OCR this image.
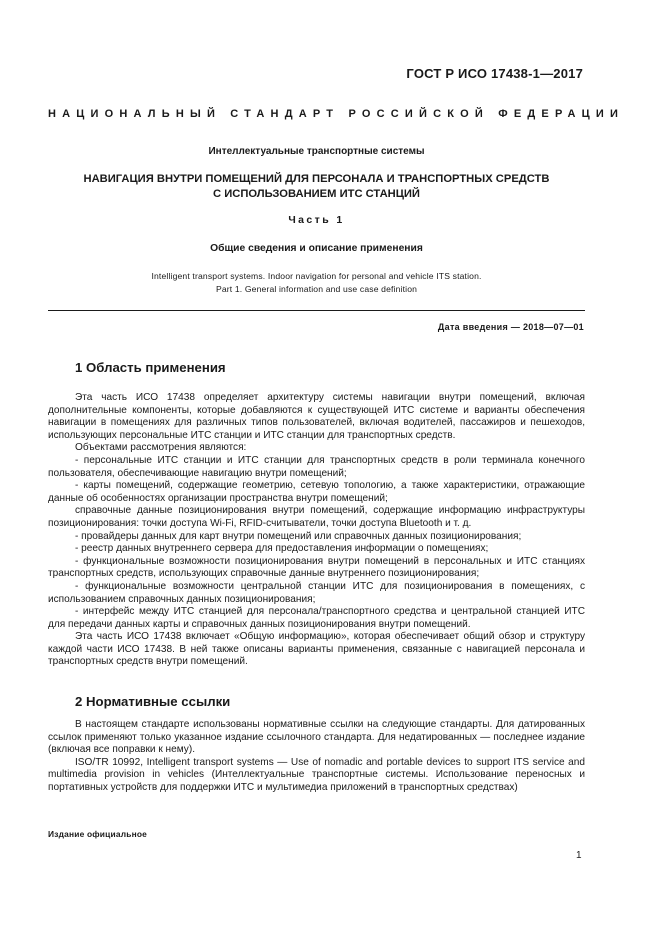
ГОСТ Р ИСО 17438-1—2017
НАЦИОНАЛЬНЫЙ СТАНДАРТ РОССИЙСКОЙ ФЕДЕРАЦИИ
Интеллектуальные транспортные системы
НАВИГАЦИЯ ВНУТРИ ПОМЕЩЕНИЙ ДЛЯ ПЕРСОНАЛА И ТРАНСПОРТНЫХ СРЕДСТВ
С ИСПОЛЬЗОВАНИЕМ ИТС СТАНЦИЙ
Часть 1
Общие сведения и описание применения
Intelligent transport systems. Indoor navigation for personal and vehicle ITS station.
Part 1. General information and use case definition
Дата введения — 2018—07—01
1 Область применения

Эта часть ИСО 17438 определяет архитектуру системы навигации внутри помещений, включая дополнительные компоненты, которые добавляются к существующей ИТС системе и варианты обеспечения навигации в помещениях для различных типов пользователей, включая водителей, пассажиров и пешеходов, использующих персональные ИТС станции и ИТС станции для транспортных средств.

Объектами рассмотрения являются:

- персональные ИТС станции и ИТС станции для транспортных средств в роли терминала конечного пользователя, обеспечивающие навигацию внутри помещений;

- карты помещений, содержащие геометрию, сетевую топологию, а также характеристики, отражающие данные об особенностях организации пространства внутри помещений;

справочные данные позиционирования внутри помещений, содержащие информацию инфраструктуры позиционирования: точки доступа Wi-Fi, RFID-считыватели, точки доступа Bluetooth и т. д.

- провайдеры данных для карт внутри помещений или справочных данных позиционирования;

- реестр данных внутреннего сервера для предоставления информации о помещениях;

- функциональные возможности позиционирования внутри помещений в персональных и ИТС станциях транспортных средств, использующих справочные данные внутреннего позиционирования;

- функциональные возможности центральной станции ИТС для позиционирования в помещениях, с использованием справочных данных позиционирования;

- интерфейс между ИТС станцией для персонала/транспортного средства и центральной станцией ИТС для передачи данных карты и справочных данных позиционирования внутри помещений.

Эта часть ИСО 17438 включает «Общую информацию», которая обеспечивает общий обзор и структуру каждой части ИСО 17438. В ней также описаны варианты применения, связанные с навигацией персонала и транспортных средств внутри помещений.

2 Нормативные ссылки

В настоящем стандарте использованы нормативные ссылки на следующие стандарты. Для датированных ссылок применяют только указанное издание ссылочного стандарта. Для недатированных — последнее издание (включая все поправки к нему).

ISO/TR 10992, Intelligent transport systems — Use of nomadic and portable devices to support ITS service and multimedia provision in vehicles (Интеллектуальные транспортные системы. Использование переносных и портативных устройств для поддержки ИТС и мультимедиа приложений в транспортных средствах)

Издание официальное
1
